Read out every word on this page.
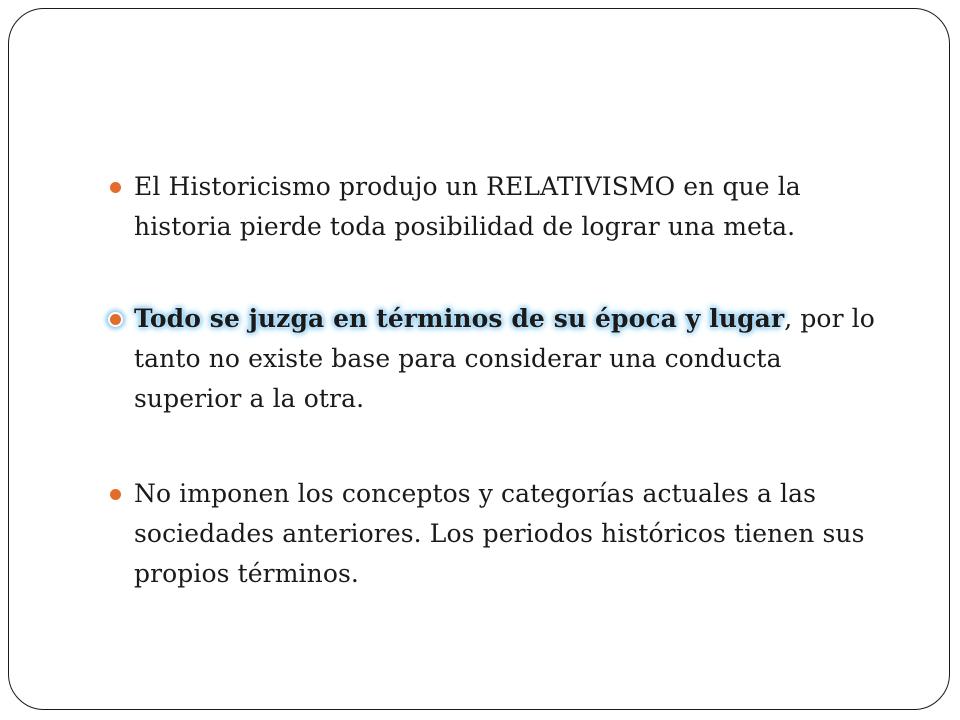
El Historicismo produjo un RELATIVISMO en que la historia pierde toda posibilidad de lograr una meta.
Todo se juzga en términos de su época y lugar, por lo tanto no existe base para considerar una conducta superior a la otra.
No imponen los conceptos y categorías actuales a las sociedades anteriores. Los periodos históricos tienen sus propios términos.
